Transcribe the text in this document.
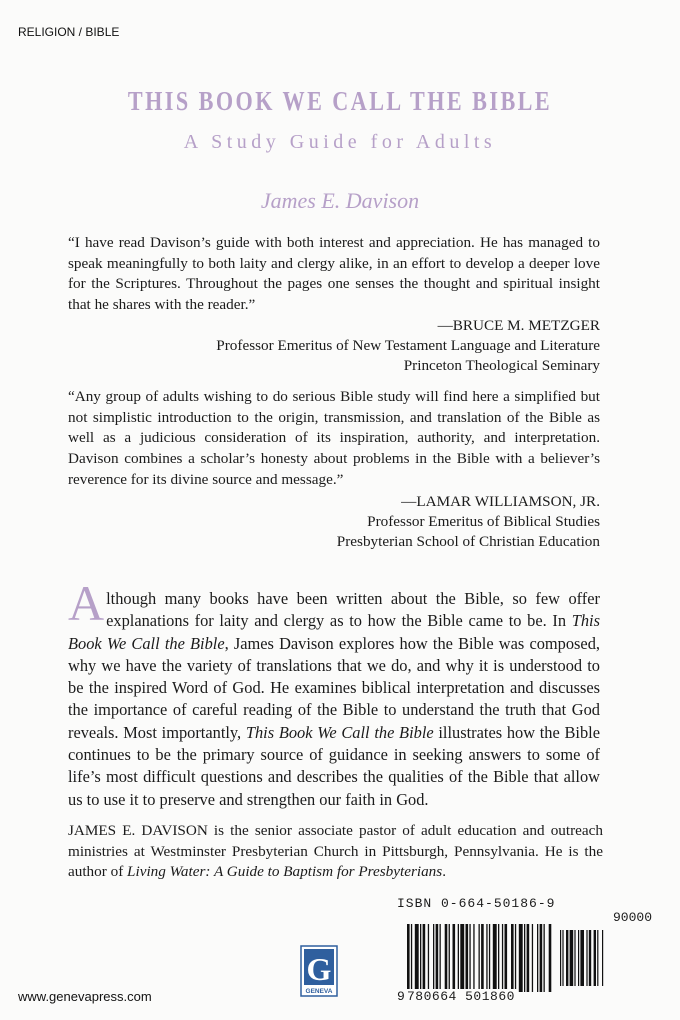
RELIGION / BIBLE
THIS BOOK WE CALL THE BIBLE
A Study Guide for Adults
James E. Davison
“I have read Davison’s guide with both interest and appreciation. He has managed to speak meaningfully to both laity and clergy alike, in an effort to develop a deeper love for the Scriptures. Throughout the pages one senses the thought and spiritual insight that he shares with the reader.”
—BRUCE M. METZGER
Professor Emeritus of New Testament Language and Literature
Princeton Theological Seminary
“Any group of adults wishing to do serious Bible study will find here a simplified but not simplistic introduction to the origin, transmission, and translation of the Bible as well as a judicious consideration of its inspiration, authority, and interpretation. Davison combines a scholar’s honesty about problems in the Bible with a believer’s reverence for its divine source and message.”
—LAMAR WILLIAMSON, JR.
Professor Emeritus of Biblical Studies
Presbyterian School of Christian Education
Although many books have been written about the Bible, so few offer explanations for laity and clergy as to how the Bible came to be. In This Book We Call the Bible, James Davison explores how the Bible was composed, why we have the variety of translations that we do, and why it is understood to be the inspired Word of God. He examines biblical interpretation and discusses the importance of careful reading of the Bible to understand the truth that God reveals. Most importantly, This Book We Call the Bible illustrates how the Bible continues to be the primary source of guidance in seeking answers to some of life’s most difficult questions and describes the qualities of the Bible that allow us to use it to preserve and strengthen our faith in God.
JAMES E. DAVISON is the senior associate pastor of adult education and outreach ministries at Westminster Presbyterian Church in Pittsburgh, Pennsylvania. He is the author of Living Water: A Guide to Baptism for Presbyterians.
www.genevapress.com
G
GENEVA
ISBN 0-664-50186-9
90000
9 780664 501860
